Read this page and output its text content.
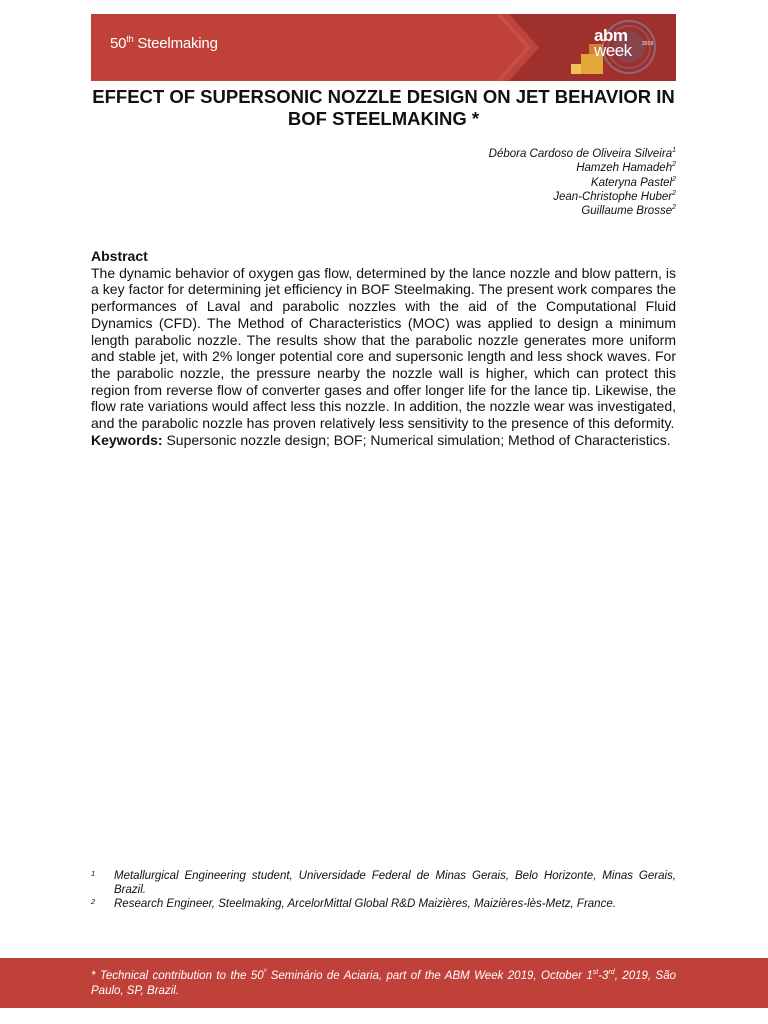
50th Steelmaking	abm
week 2019
EFFECT OF SUPERSONIC NOZZLE DESIGN ON JET BEHAVIOR IN BOF STEELMAKING *
Débora Cardoso de Oliveira Silveira$^1$
Hamzeh Hamadeh$^2$
Kateryna Pastel$^2$
Jean-Christophe Huber$^2$
Guillaume Brosse$^2$
Abstract

The dynamic behavior of oxygen gas flow, determined by the lance nozzle and blow pattern, is a key factor for determining jet efficiency in BOF Steelmaking. The present work compares the performances of Laval and parabolic nozzles with the aid of the Computational Fluid Dynamics (CFD). The Method of Characteristics (MOC) was applied to design a minimum length parabolic nozzle. The results show that the parabolic nozzle generates more uniform and stable jet, with 2% longer potential core and supersonic length and less shock waves. For the parabolic nozzle, the pressure nearby the nozzle wall is higher, which can protect this region from reverse flow of converter gases and offer longer life for the lance tip. Likewise, the flow rate variations would affect less this nozzle. In addition, the nozzle wear was investigated, and the parabolic nozzle has proven relatively less sensitivity to the presence of this deformity.

Keywords: Supersonic nozzle design; BOF; Numerical simulation; Method of Characteristics.

1 Metallurgical Engineering student, Universidade Federal de Minas Gerais, Belo Horizonte, Minas Gerais, Brazil.
2 Research Engineer, Steelmaking, ArcelorMittal Global R&D Maizières, Maizières-lès-Metz, France.
* Technical contribution to the $50^º$ Seminário de Aciaria, part of the ABM Week 2019, October 1st-3rd, 2019, São Paulo, SP, Brazil.
